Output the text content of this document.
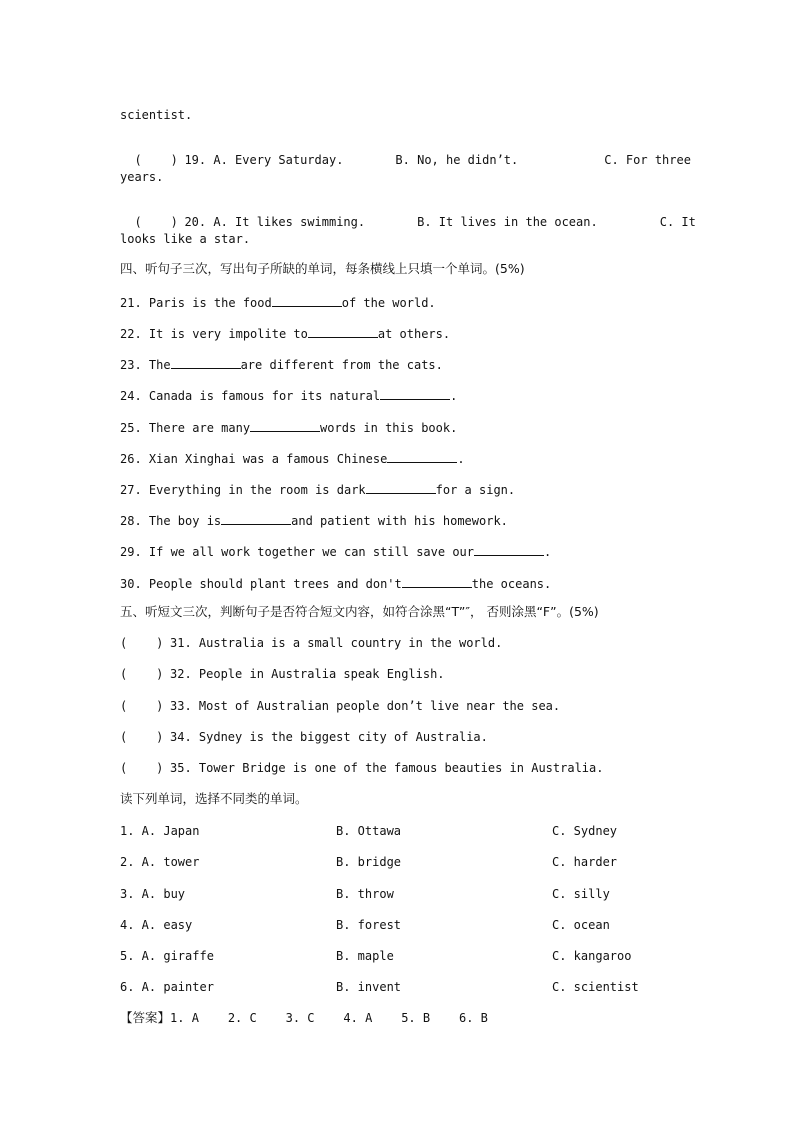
scientist.

(    ) 19. A. Every Saturday.	B. No, he didn’t.	C. For three

years.

(    ) 20. A. It likes swimming.	B. It lives in the ocean.	C. It

looks like a star.
四、听句子三次，写出句子所缺的单词，每条横线上只填一个单词。(5%)
21. Paris is the food	of the world.
22. It is very impolite to	at others.
23. The	are different from the cats.
24. Canada is famous for its natural	.
25. There are many	words in this book.
26. Xian Xinghai was a famous Chinese	.
27. Everything in the room is dark	for a sign.
28. The boy is	and patient with his homework.
29. If we all work together we can still save our	.
30. People should plant trees and don't	the oceans.
五、听短文三次，判断句子是否符合短文内容，如符合涂黑“T”″， 否则涂黑“F”。(5%)
(    ) 31. Australia is a small country in the world.
(    ) 32. People in Australia speak English.
(    ) 33. Most of Australian people don’t live near the sea.
(    ) 34. Sydney is the biggest city of Australia.
(    ) 35. Tower Bridge is one of the famous beauties in Australia.
读下列单词，选择不同类的单词。
1. A. Japan	B. Ottawa	C. Sydney
2. A. tower	B. bridge	C. harder
3. A. buy	B. throw	C. silly
4. A. easy	B. forest	C. ocean
5. A. giraffe	B. maple	C. kangaroo
6. A. painter	B. invent	C. scientist
【答案】1. A    2. C    3. C    4. A    5. B    6. B
